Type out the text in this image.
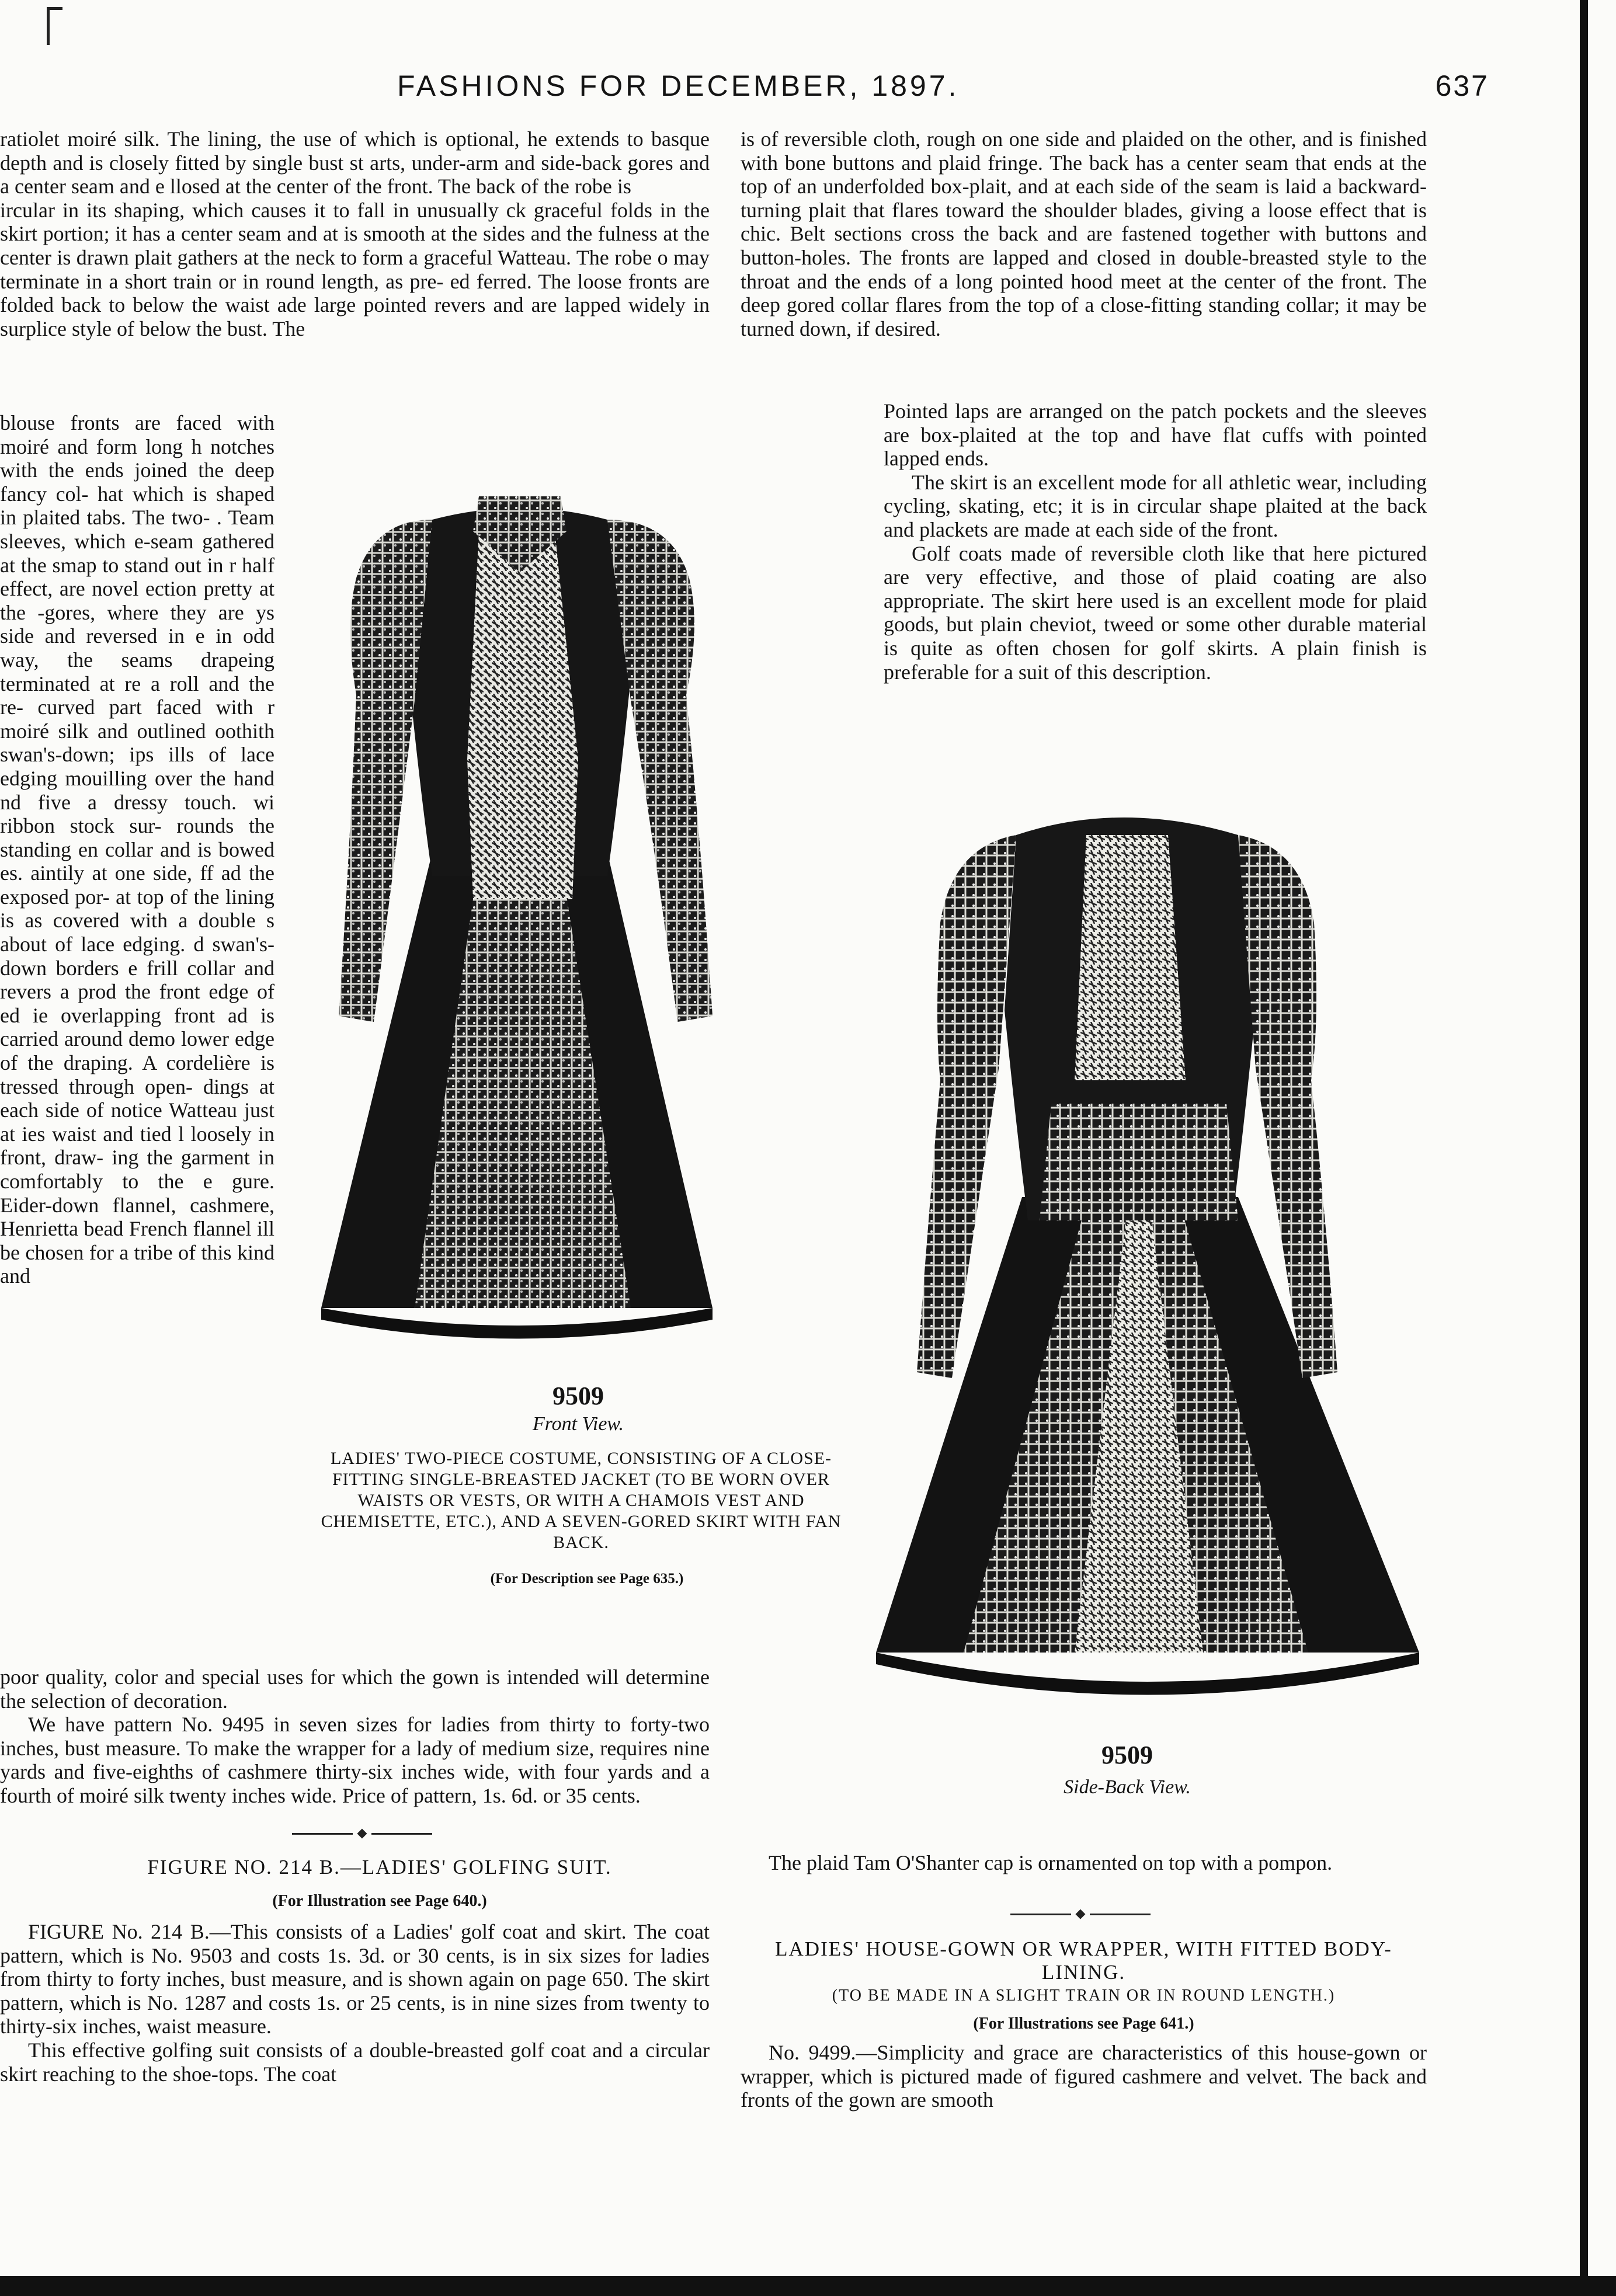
FASHIONS FOR DECEMBER, 1897.	637

ratiolet moiré silk. The lining, the use of which is optional, he extends to basque depth and is closely fitted by single bust st arts, under-arm and side-back gores and a center seam and e llosed at the center of the front. The back of the robe is

ircular in its shaping, which causes it to fall in unusually ck graceful folds in the skirt portion; it has a center seam and at is smooth at the sides and the fulness at the center is drawn plait gathers at the neck to form a graceful Watteau. The robe o may terminate in a short train or in round length, as pre- ed ferred. The loose fronts are folded back to below the waist ade large pointed revers and are lapped widely in surplice style of below the bust. The

blouse fronts are faced with moiré and form long h notches with the ends joined the deep fancy col- hat which is shaped in plaited tabs. The two- . Team sleeves, which e-seam gathered at the smap to stand out in r half effect, are novel ection pretty at the -gores, where they are ys side and reversed in e in odd way, the seams drapeing terminated at re a roll and the re- curved part faced with r moiré silk and outlined oothith swan's-down; ips ills of lace edging mouilling over the hand nd five a dressy touch. wi ribbon stock sur- rounds the standing en collar and is bowed es. aintily at one side, ff ad the exposed por- at top of the lining is as covered with a double s about of lace edging. d swan's-down borders e frill collar and revers a prod the front edge of ed ie overlapping front ad is carried around demo lower edge of the draping. A cordelière is tressed through open- dings at each side of notice Watteau just at ies waist and tied l loosely in front, draw- ing the garment in comfortably to the e gure. Eider-down flannel, cashmere, Henrietta bead French flannel ill be chosen for a tribe of this kind and

poor quality, color and special uses for which the gown is intended will determine the selection of decoration.

We have pattern No. 9495 in seven sizes for ladies from thirty to forty-two inches, bust measure. To make the wrapper for a lady of medium size, requires nine yards and five-eighths of cashmere thirty-six inches wide, with four yards and a fourth of moiré silk twenty inches wide. Price of pattern, 1s. 6d. or 35 cents.

FIGURE NO. 214 B.—LADIES' GOLFING SUIT.
(For Illustration see Page 640.)

FIGURE No. 214 B.—This consists of a Ladies' golf coat and skirt. The coat pattern, which is No. 9503 and costs 1s. 3d. or 30 cents, is in six sizes for ladies from thirty to forty inches, bust measure, and is shown again on page 650. The skirt pattern, which is No. 1287 and costs 1s. or 25 cents, is in nine sizes from twenty to thirty-six inches, waist measure.

This effective golfing suit consists of a double-breasted golf coat and a circular skirt reaching to the shoe-tops. The coat

is of reversible cloth, rough on one side and plaided on the other, and is finished with bone buttons and plaid fringe. The back has a center seam that ends at the top of an underfolded box-plait, and at each side of the seam is laid a backward-turning plait that flares toward the shoulder blades, giving a loose effect that is chic. Belt sections cross the back and are fastened together with buttons and button-holes. The fronts are lapped and closed in double-breasted style to the throat and the ends of a long pointed hood meet at the center of the front. The deep gored collar flares from the top of a close-fitting standing collar; it may be turned down, if desired.

Pointed laps are arranged on the patch pockets and the sleeves are box-plaited at the top and have flat cuffs with pointed lapped ends.

The skirt is an excellent mode for all athletic wear, including cycling, skating, etc; it is in circular shape plaited at the back and plackets are made at each side of the front.

Golf coats made of reversible cloth like that here pictured are very effective, and those of plaid coating are also appropriate. The skirt here used is an excellent mode for plaid goods, but plain cheviot, tweed or some other durable material is quite as often chosen for golf skirts. A plain finish is preferable for a suit of this description.

9509
Front View.
LADIES' TWO-PIECE COSTUME, CONSISTING OF A CLOSE-FITTING SINGLE-BREASTED JACKET (TO BE WORN OVER WAISTS OR VESTS, OR WITH A CHAMOIS VEST AND CHEMISETTE, ETC.), AND A SEVEN-GORED SKIRT WITH FAN BACK.
(For Description see Page 635.)
9509
Side-Back View.

The plaid Tam O'Shanter cap is ornamented on top with a pompon.

LADIES' HOUSE-GOWN OR WRAPPER, WITH FITTED BODY-LINING.
(TO BE MADE IN A SLIGHT TRAIN OR IN ROUND LENGTH.)
(For Illustrations see Page 641.)

No. 9499.—Simplicity and grace are characteristics of this house-gown or wrapper, which is pictured made of figured cashmere and velvet. The back and fronts of the gown are smooth
